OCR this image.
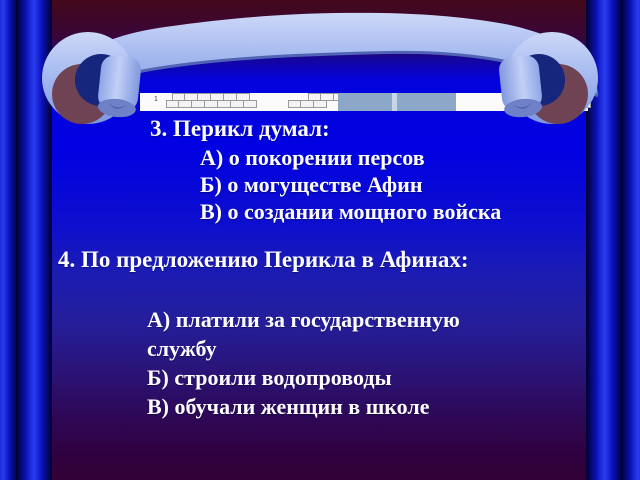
1
3. Перикл думал:
А) о покорении персов
Б) о могуществе Афин
В) о создании мощного войска
4. По предложению Перикла в Афинах:
А) платили за государственную службу
Б) строили водопроводы
В) обучали женщин в школе
